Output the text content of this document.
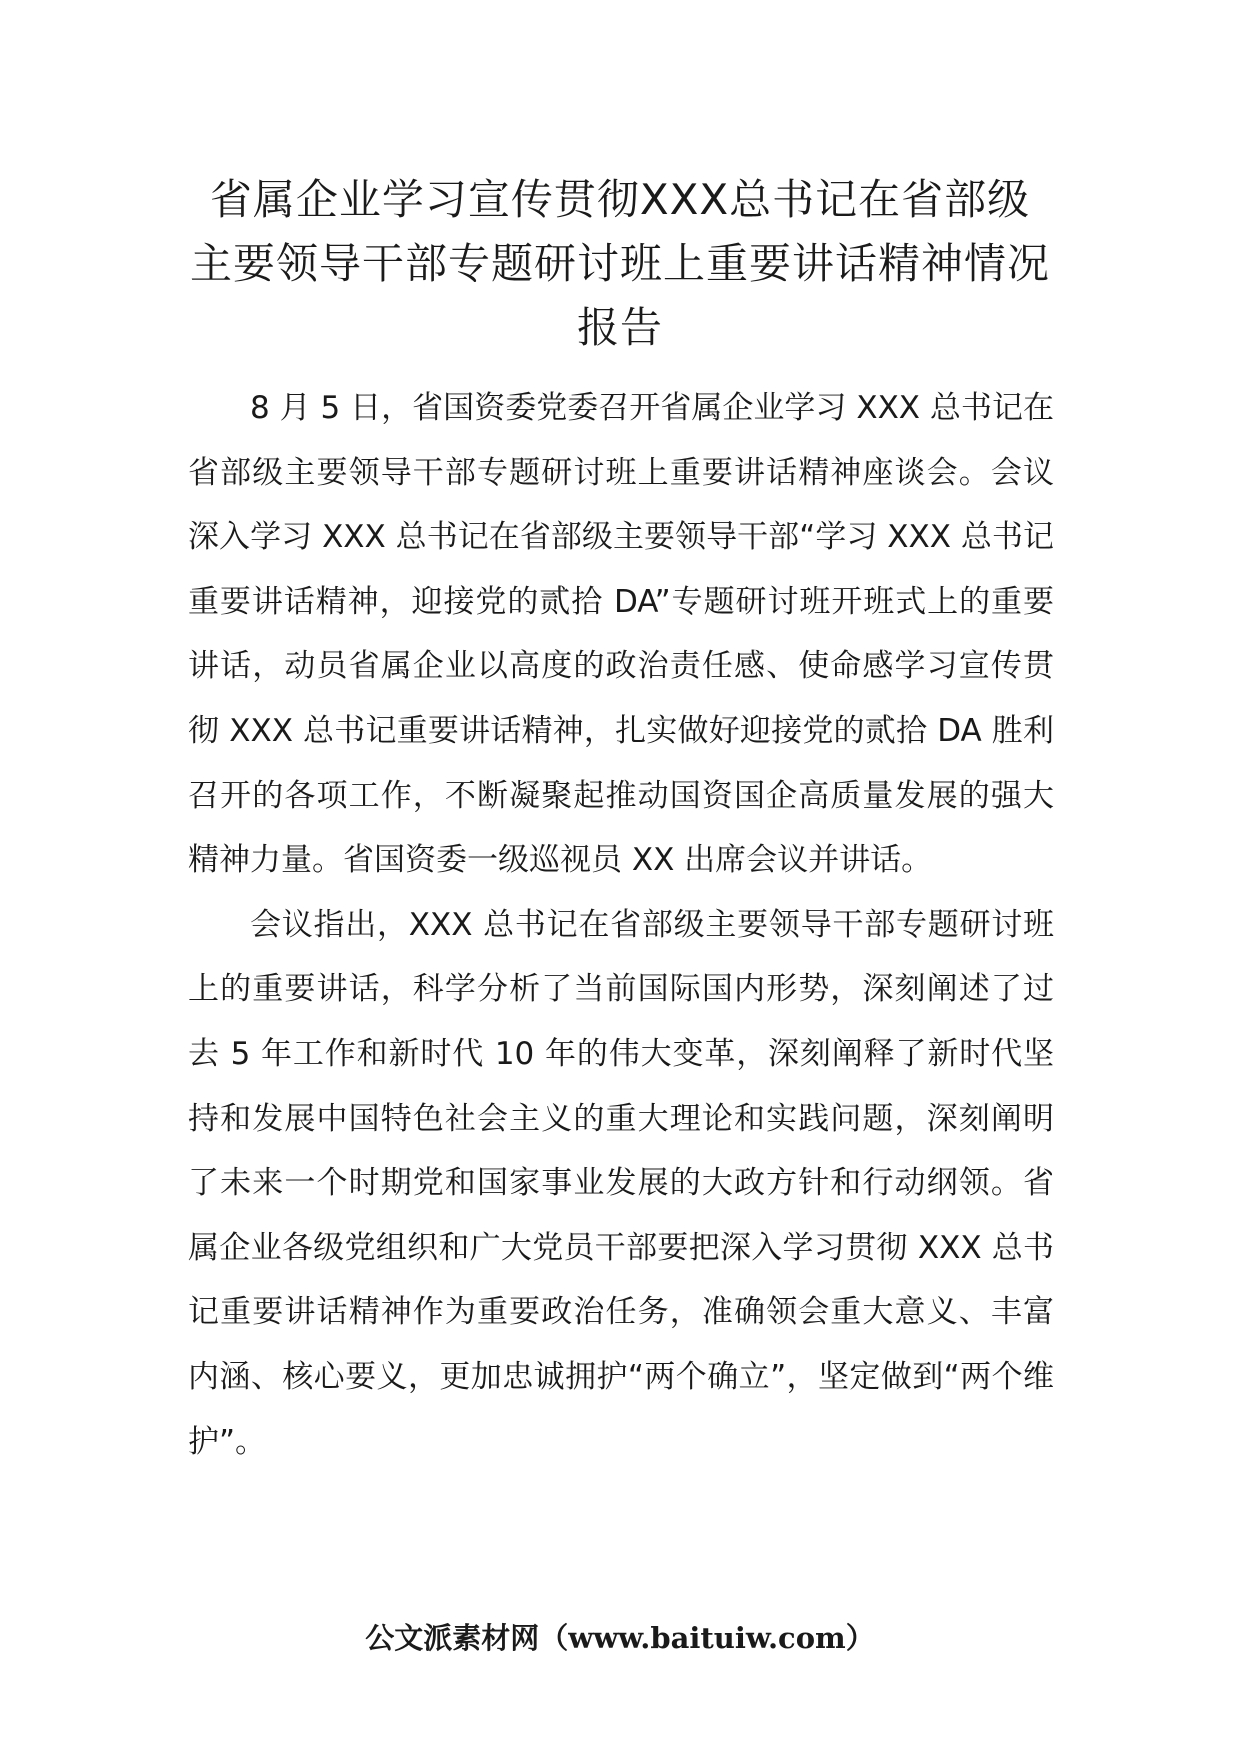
省属企业学习宣传贯彻XXX总书记在省部级主要领导干部专题研讨班上重要讲话精神情况报告

8 月 5 日，省国资委党委召开省属企业学习 XXX 总书记在省部级主要领导干部专题研讨班上重要讲话精神座谈会。会议深入学习 XXX 总书记在省部级主要领导干部“学习 XXX 总书记重要讲话精神，迎接党的贰拾 DA”专题研讨班开班式上的重要讲话，动员省属企业以高度的政治责任感、使命感学习宣传贯彻 XXX 总书记重要讲话精神，扎实做好迎接党的贰拾 DA 胜利召开的各项工作，不断凝聚起推动国资国企高质量发展的强大精神力量。省国资委一级巡视员 XX 出席会议并讲话。

会议指出，XXX 总书记在省部级主要领导干部专题研讨班上的重要讲话，科学分析了当前国际国内形势，深刻阐述了过去 5 年工作和新时代 10 年的伟大变革，深刻阐释了新时代坚持和发展中国特色社会主义的重大理论和实践问题，深刻阐明了未来一个时期党和国家事业发展的大政方针和行动纲领。省属企业各级党组织和广大党员干部要把深入学习贯彻 XXX 总书记重要讲话精神作为重要政治任务，准确领会重大意义、丰富内涵、核心要义，更加忠诚拥护“两个确立”，坚定做到“两个维护”。

公文派素材网（www.baituiw.com）
